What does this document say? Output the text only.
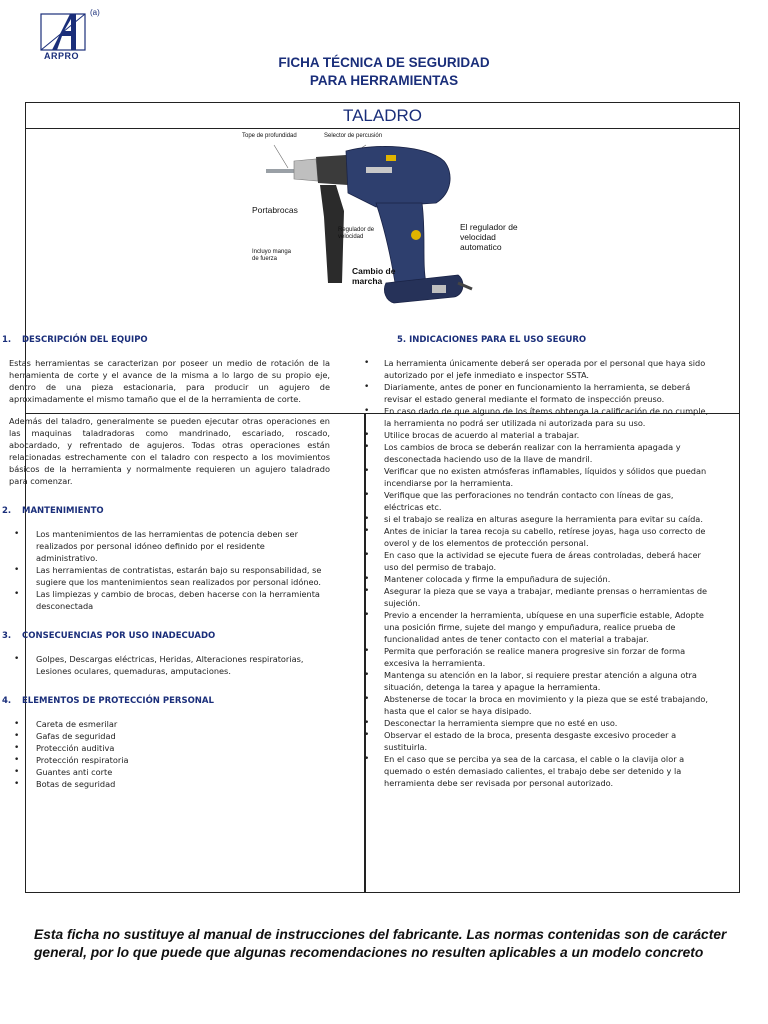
(a)
ARPRO	FICHA TÉCNICA DE SEGURIDAD
PARA HERRAMIENTAS
TALADRO
Tope de profundidad	Selector de percusión
Portabrocas
Regulador de velocidad
Incluyo manga de fuerza
Cambio de marcha
El regulador de velocidad automatico
1. DESCRIPCIÓN DEL EQUIPO

Estas herramientas se caracterizan por poseer un medio de rotación de la herramienta de corte y el avance de la misma a lo largo de su propio eje, dentro de una pieza estacionaria, para producir un agujero de aproximadamente el mismo tamaño que el de la herramienta de corte.

Además del taladro, generalmente se pueden ejecutar otras operaciones en las maquinas taladradoras como mandrinado, escariado, roscado, abocardado, y refrentado de agujeros. Todas otras operaciones están relacionadas estrechamente con el taladro con respecto a los movimientos básicos de la herramienta y normalmente requieren un agujero taladrado para comenzar.

2. MANTENIMIENTO
• Los mantenimientos de las herramientas de potencia deben ser realizados por personal idóneo definido por el residente administrativo.
• Las herramientas de contratistas, estarán bajo su responsabilidad, se sugiere que los mantenimientos sean realizados por personal idóneo.
• Las limpiezas y cambio de brocas, deben hacerse con la herramienta desconectada
3. CONSECUENCIAS POR USO INADECUADO
• Golpes, Descargas eléctricas, Heridas, Alteraciones respiratorias, Lesiones oculares, quemaduras, amputaciones.
4. ELEMENTOS DE PROTECCIÓN PERSONAL
• Careta de esmerilar
• Gafas de seguridad
• Protección auditiva
• Protección respiratoria
• Guantes anti corte
• Botas de seguridad
5. INDICACIONES PARA EL USO SEGURO
• La herramienta únicamente deberá ser operada por el personal que haya sido autorizado por el jefe inmediato e inspector SSTA.
• Diariamente, antes de poner en funcionamiento la herramienta, se deberá revisar el estado general mediante el formato de inspección preuso.
• En caso dado de que alguno de los ítems obtenga la calificación de no cumple, la herramienta no podrá ser utilizada ni autorizada para su uso.
• Utilice brocas de acuerdo al material a trabajar.
• Los cambios de broca se deberán realizar con la herramienta apagada y desconectada haciendo uso de la llave de mandril.
• Verificar que no existen atmósferas inflamables, líquidos y sólidos que puedan incendiarse por la herramienta.
• Verifique que las perforaciones no tendrán contacto con líneas de gas, eléctricas etc.
• si el trabajo se realiza en alturas asegure la herramienta para evitar su caída.
• Antes de iniciar la tarea recoja su cabello, retírese joyas, haga uso correcto de overol y de los elementos de protección personal.
• En caso que la actividad se ejecute fuera de áreas controladas, deberá hacer uso del permiso de trabajo.
• Mantener colocada y firme la empuñadura de sujeción.
• Asegurar la pieza que se vaya a trabajar, mediante prensas o herramientas de sujeción.
• Previo a encender la herramienta, ubíquese en una superficie estable, Adopte una posición firme, sujete del mango y empuñadura, realice prueba de funcionalidad antes de tener contacto con el material a trabajar.
• Permita que perforación se realice manera progresive sin forzar de forma excesiva la herramienta.
• Mantenga su atención en la labor, si requiere prestar atención a alguna otra situación, detenga la tarea y apague la herramienta.
• Abstenerse de tocar la broca en movimiento y la pieza que se esté trabajando, hasta que el calor se haya disipado.
• Desconectar la herramienta siempre que no esté en uso.
• Observar el estado de la broca, presenta desgaste excesivo proceder a sustituirla.
• En el caso que se perciba ya sea de la carcasa, el cable o la clavija olor a quemado o estén demasiado calientes, el trabajo debe ser detenido y la herramienta debe ser revisada por personal autorizado.
Esta ficha no sustituye al manual de instrucciones del fabricante. Las normas contenidas son de carácter general, por lo que puede que algunas recomendaciones no resulten aplicables a un modelo concreto
